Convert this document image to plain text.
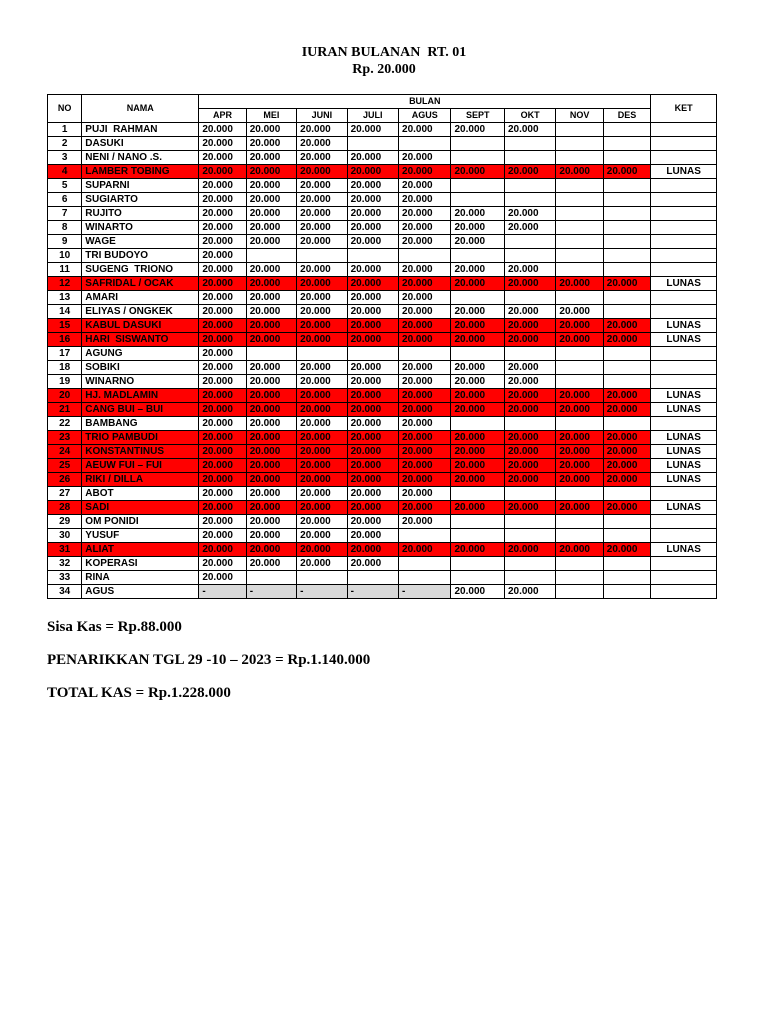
IURAN BULANAN  RT. 01
Rp. 20.000
NO	NAMA	BULAN									KET
		APR	MEI	JUNI	JULI	AGUS	SEPT	OKT	NOV	DES	
1	PUJI  RAHMAN	20.000	20.000	20.000	20.000	20.000	20.000	20.000			
2	DASUKI	20.000	20.000	20.000							
3	NENI / NANO .S.	20.000	20.000	20.000	20.000	20.000					
4	LAMBER TOBING	20.000	20.000	20.000	20.000	20.000	20.000	20.000	20.000	20.000	LUNAS
5	SUPARNI	20.000	20.000	20.000	20.000	20.000					
6	SUGIARTO	20.000	20.000	20.000	20.000	20.000					
7	RUJITO	20.000	20.000	20.000	20.000	20.000	20.000	20.000			
8	WINARTO	20.000	20.000	20.000	20.000	20.000	20.000	20.000			
9	WAGE	20.000	20.000	20.000	20.000	20.000	20.000				
10	TRI BUDOYO	20.000									
11	SUGENG  TRIONO	20.000	20.000	20.000	20.000	20.000	20.000	20.000			
12	SAFRIDAL / OCAK	20.000	20.000	20.000	20.000	20.000	20.000	20.000	20.000	20.000	LUNAS
13	AMARI	20.000	20.000	20.000	20.000	20.000					
14	ELIYAS / ONGKEK	20.000	20.000	20.000	20.000	20.000	20.000	20.000	20.000		
15	KABUL DASUKI	20.000	20.000	20.000	20.000	20.000	20.000	20.000	20.000	20.000	LUNAS
16	HARI  SISWANTO	20.000	20.000	20.000	20.000	20.000	20.000	20.000	20.000	20.000	LUNAS
17	AGUNG	20.000									
18	SOBIKI	20.000	20.000	20.000	20.000	20.000	20.000	20.000			
19	WINARNO	20.000	20.000	20.000	20.000	20.000	20.000	20.000			
20	HJ. MADLAMIN	20.000	20.000	20.000	20.000	20.000	20.000	20.000	20.000	20.000	LUNAS
21	CANG BUI – BUI	20.000	20.000	20.000	20.000	20.000	20.000	20.000	20.000	20.000	LUNAS
22	BAMBANG	20.000	20.000	20.000	20.000	20.000					
23	TRIO PAMBUDI	20.000	20.000	20.000	20.000	20.000	20.000	20.000	20.000	20.000	LUNAS
24	KONSTANTINUS	20.000	20.000	20.000	20.000	20.000	20.000	20.000	20.000	20.000	LUNAS
25	AEUW FUI – FUI	20.000	20.000	20.000	20.000	20.000	20.000	20.000	20.000	20.000	LUNAS
26	RIKI / DILLA	20.000	20.000	20.000	20.000	20.000	20.000	20.000	20.000	20.000	LUNAS
27	ABOT	20.000	20.000	20.000	20.000	20.000					
28	SADI	20.000	20.000	20.000	20.000	20.000	20.000	20.000	20.000	20.000	LUNAS
29	OM PONIDI	20.000	20.000	20.000	20.000	20.000					
30	YUSUF	20.000	20.000	20.000	20.000						
31	ALIAT	20.000	20.000	20.000	20.000	20.000	20.000	20.000	20.000	20.000	LUNAS
32	KOPERASI	20.000	20.000	20.000	20.000						
33	RINA	20.000									
34	AGUS	-	-	-	-	-	20.000	20.000			
Sisa Kas = Rp.88.000
PENARIKKAN TGL 29 -10 – 2023 = Rp.1.140.000
TOTAL KAS = Rp.1.228.000
